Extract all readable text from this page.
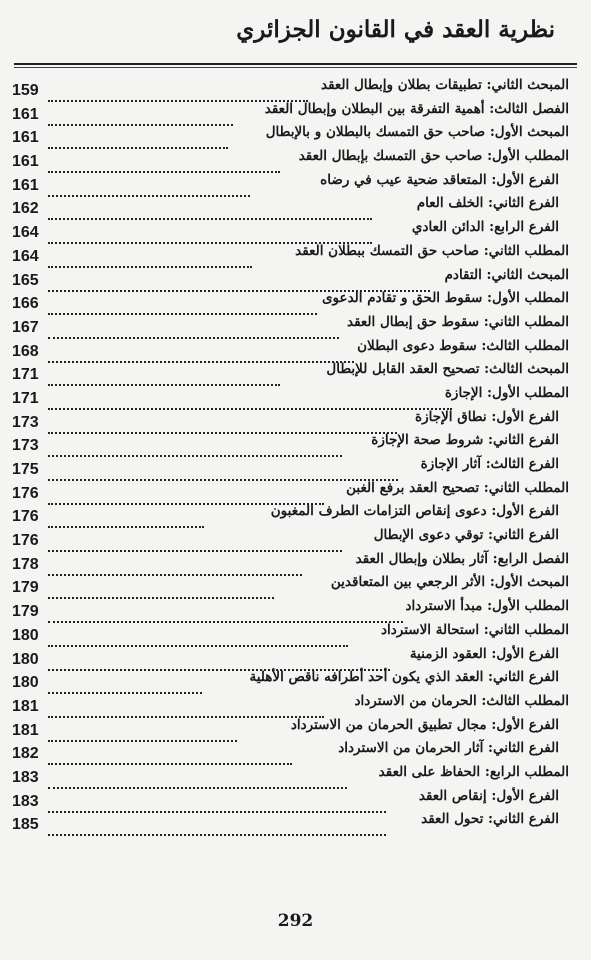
نظرية العقد في القانون الجزائري
المبحث الثاني: تطبيقات بطلان وإبطال العقد
159
الفصل الثالث: أهمية التفرقة بين البطلان وإبطال العقد
161
المبحث الأول: صاحب حق التمسك بالبطلان و بالإبطال
161
المطلب الأول: صاحب حق التمسك بإبطال العقد
161
الفرع الأول: المتعاقد ضحية عيب في رضاه
161
الفرع الثاني: الخلف العام
162
الفرع الرابع: الدائن العادي
164
المطلب الثاني: صاحب حق التمسك ببطلان العقد
164
المبحث الثاني: التقادم
165
المطلب الأول: سقوط الحق و تقادم الدعوى
166
المطلب الثاني: سقوط حق إبطال العقد
167
المطلب الثالث: سقوط دعوى البطلان
168
المبحث الثالث: تصحيح العقد القابل للإبطال
171
المطلب الأول: الإجازة
171
الفرع الأول: نطاق الإجازة
173
الفرع الثاني: شروط صحة الإجازة
173
الفرع الثالث: آثار الإجازة
175
المطلب الثاني: تصحيح العقد برفع الغبن
176
الفرع الأول: دعوى إنقاص التزامات الطرف المغبون
176
الفرع الثاني: توقي دعوى الإبطال
176
الفصل الرابع: آثار بطلان وإبطال العقد
178
المبحث الأول: الأثر الرجعي بين المتعاقدين
179
المطلب الأول: مبدأ الاسترداد
179
المطلب الثاني: استحالة الاسترداد
180
الفرع الأول: العقود الزمنية
180
الفرع الثاني: العقد الذي يكون أحد أطرافه ناقص الأهلية
180
المطلب الثالث: الحرمان من الاسترداد
181
الفرع الأول: مجال تطبيق الحرمان من الاسترداد
181
الفرع الثاني: آثار الحرمان من الاسترداد
182
المطلب الرابع: الحفاظ على العقد
183
الفرع الأول: إنقاص العقد
183
الفرع الثاني: تحول العقد
185
292
